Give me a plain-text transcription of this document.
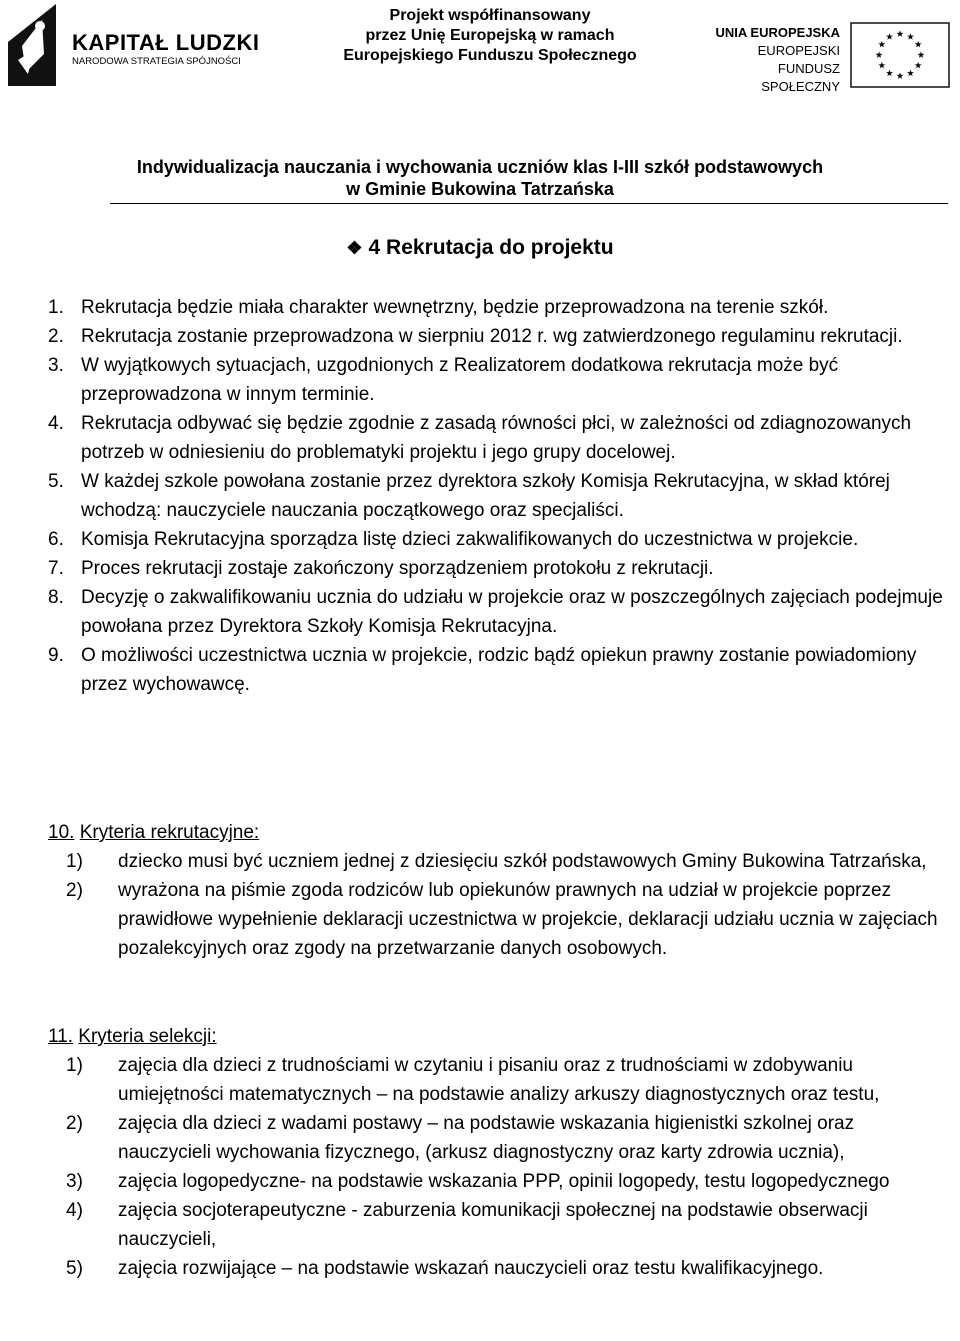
KAPITAŁ LUDZKI
NARODOWA STRATEGIA SPÓJNOŚCI
Projekt współfinansowany
przez Unię Europejską w ramach
Europejskiego Funduszu Społecznego
UNIA EUROPEJSKA
EUROPEJSKI
FUNDUSZ SPOŁECZNY
Indywidualizacja nauczania i wychowania uczniów klas I-III szkół podstawowych
w Gminie Bukowina Tatrzańska
❖ 4 Rekrutacja do projektu
1. Rekrutacja będzie miała charakter wewnętrzny, będzie przeprowadzona na terenie szkół.
2. Rekrutacja zostanie przeprowadzona w sierpniu 2012 r. wg zatwierdzonego regulaminu rekrutacji.
3. W wyjątkowych sytuacjach, uzgodnionych z Realizatorem dodatkowa rekrutacja może być przeprowadzona w innym terminie.
4. Rekrutacja odbywać się będzie zgodnie z zasadą równości płci, w zależności od zdiagnozowanych potrzeb w odniesieniu do problematyki projektu i jego grupy docelowej.
5. W każdej szkole powołana zostanie przez dyrektora szkoły Komisja Rekrutacyjna, w skład której wchodzą: nauczyciele nauczania początkowego oraz specjaliści.
6. Komisja Rekrutacyjna sporządza listę dzieci zakwalifikowanych do uczestnictwa w projekcie.
7. Proces rekrutacji zostaje zakończony sporządzeniem protokołu z rekrutacji.
8. Decyzję o zakwalifikowaniu ucznia do udziału w projekcie oraz w poszczególnych zajęciach podejmuje powołana przez Dyrektora Szkoły Komisja Rekrutacyjna.
9. O możliwości uczestnictwa ucznia w projekcie, rodzic bądź opiekun prawny zostanie powiadomiony przez wychowawcę.
10. Kryteria rekrutacyjne:
1) dziecko musi być uczniem jednej z dziesięciu szkół podstawowych Gminy Bukowina Tatrzańska,
2) wyrażona na piśmie zgoda rodziców lub opiekunów prawnych na udział w projekcie poprzez prawidłowe wypełnienie deklaracji uczestnictwa w projekcie, deklaracji udziału ucznia w zajęciach pozalekcyjnych oraz zgody na przetwarzanie danych osobowych.
11. Kryteria selekcji:
1) zajęcia dla dzieci z trudnościami w czytaniu i pisaniu oraz z trudnościami w zdobywaniu umiejętności matematycznych – na podstawie analizy arkuszy diagnostycznych oraz testu,
2) zajęcia dla dzieci z wadami postawy – na podstawie wskazania higienistki szkolnej oraz nauczycieli wychowania fizycznego, (arkusz diagnostyczny oraz karty zdrowia ucznia),
3) zajęcia logopedyczne- na podstawie wskazania PPP, opinii logopedy, testu logopedycznego
4) zajęcia socjoterapeutyczne - zaburzenia komunikacji społecznej na podstawie obserwacji nauczycieli,
5) zajęcia rozwijające – na podstawie wskazań nauczycieli oraz testu kwalifikacyjnego.
